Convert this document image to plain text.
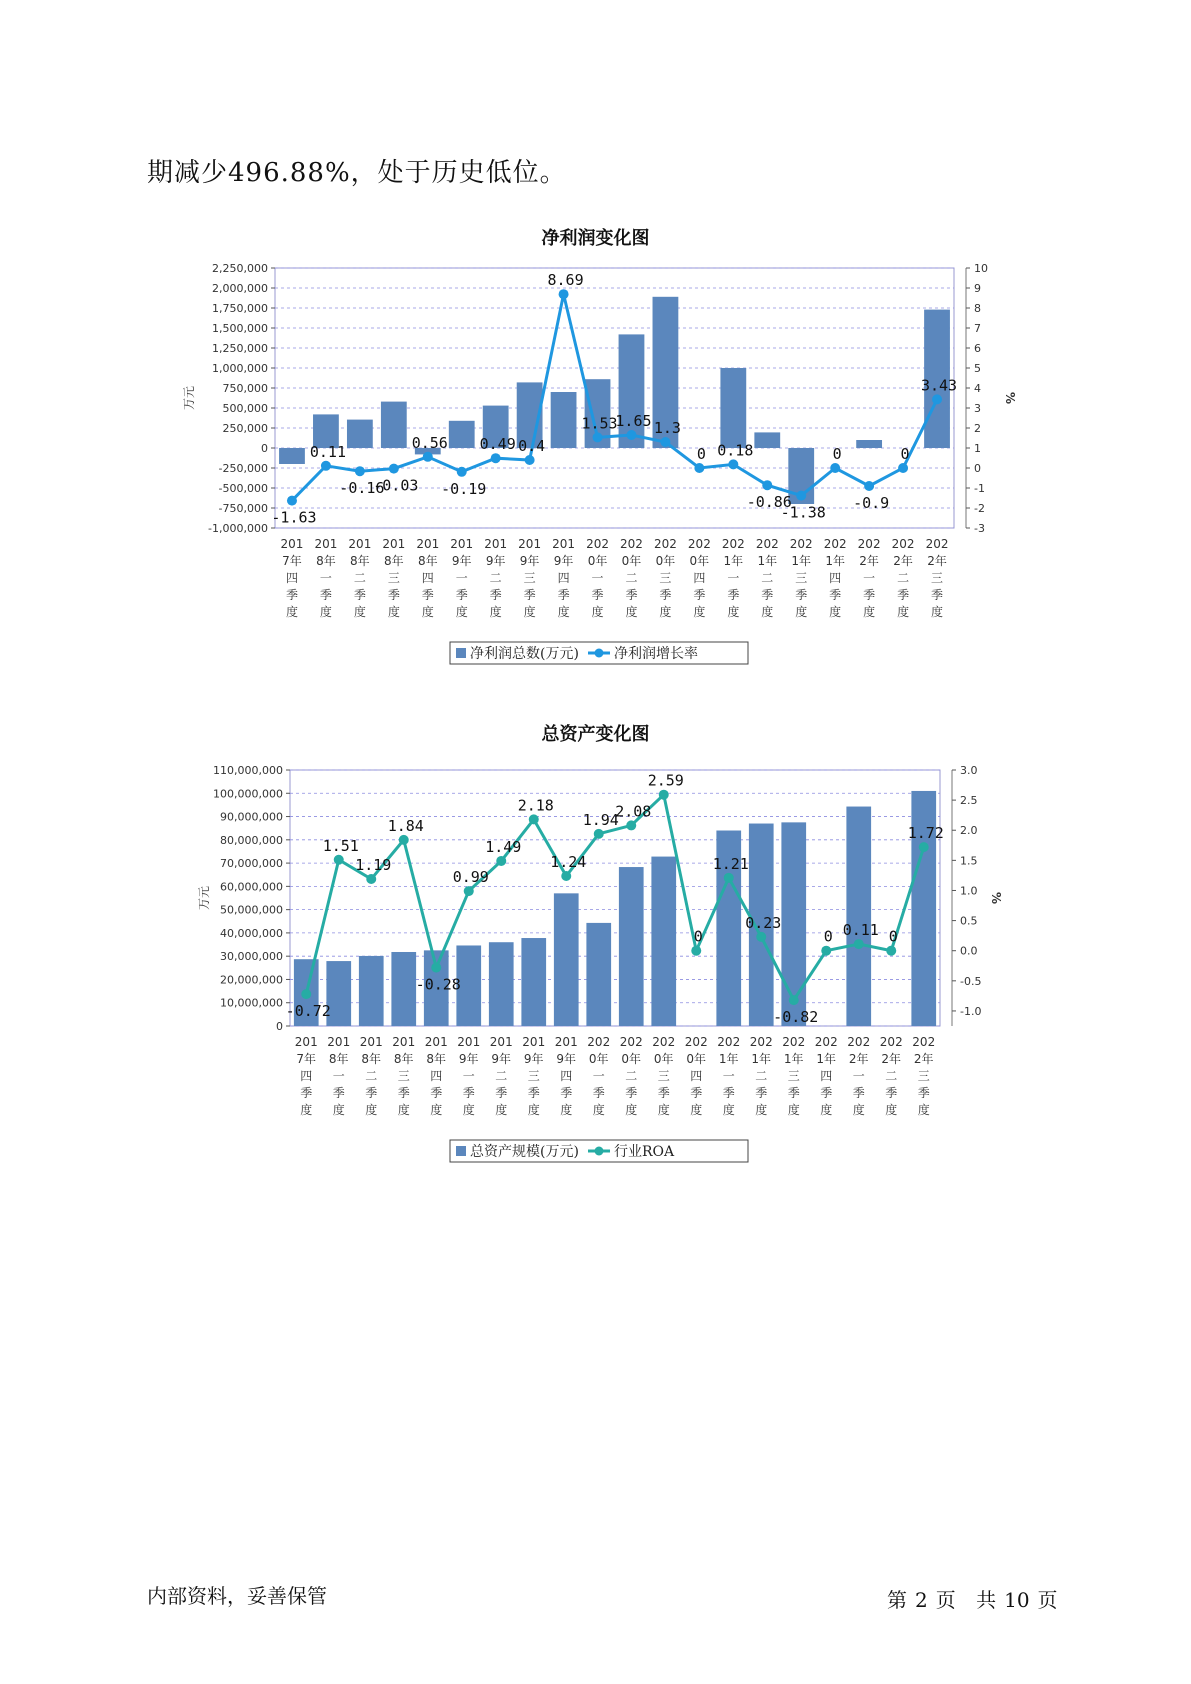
期减少496.88%，处于历史低位。
净利润变化图
-1,000,000
-750,000
-500,000
-250,000
0
250,000
500,000
750,000
1,000,000
1,250,000
1,500,000
1,750,000
2,000,000
2,250,000
-3
-2
-1
0
1
2
3
4
5
6
7
8
9
10
万元	%
-1.63
0.11
-0.16
-0.03
0.56
-0.19
0.49 0.4
8.69
1.53
1.65 1.3
0 0.18
-0.86
-1.38
0
-0.9
0
3.43
201 7年四季度
201 8年一季度
201 8年二季度
201 8年三季度
201 8年四季度
201 9年一季度
201 9年二季度
201 9年三季度
201 9年四季度
202 0年一季度
202 0年二季度
202 0年三季度
202 0年四季度
202 1年一季度
202 1年二季度
202 1年三季度
202 1年四季度
202 2年一季度
202 2年二季度
202 2年三季度
净利润总数(万元)	净利润增长率
总资产变化图
0
10,000,000
20,000,000
30,000,000
40,000,000
50,000,000
60,000,000
70,000,000
80,000,000
90,000,000
100,000,000
110,000,000
-1.0
-0.5
0.0
0.5
1.0
1.5
2.0
2.5
3.0
万元	%
-0.72
1.51
1.19
1.84
-0.28
0.99
1.49
2.18
1.24
1.94
2.08
2.59
0
1.21
0.23
-0.82
0 0.11 0
1.72
201 7年四季度
201 8年一季度
201 8年二季度
201 8年三季度
201 8年四季度
201 9年一季度
201 9年二季度
201 9年三季度
201 9年四季度
202 0年一季度
202 0年二季度
202 0年三季度
202 0年四季度
202 1年一季度
202 1年二季度
202 1年三季度
202 1年四季度
202 2年一季度
202 2年二季度
202 2年三季度
总资产规模(万元)	行业ROA
内部资料，妥善保管	第 2 页 共 10 页
